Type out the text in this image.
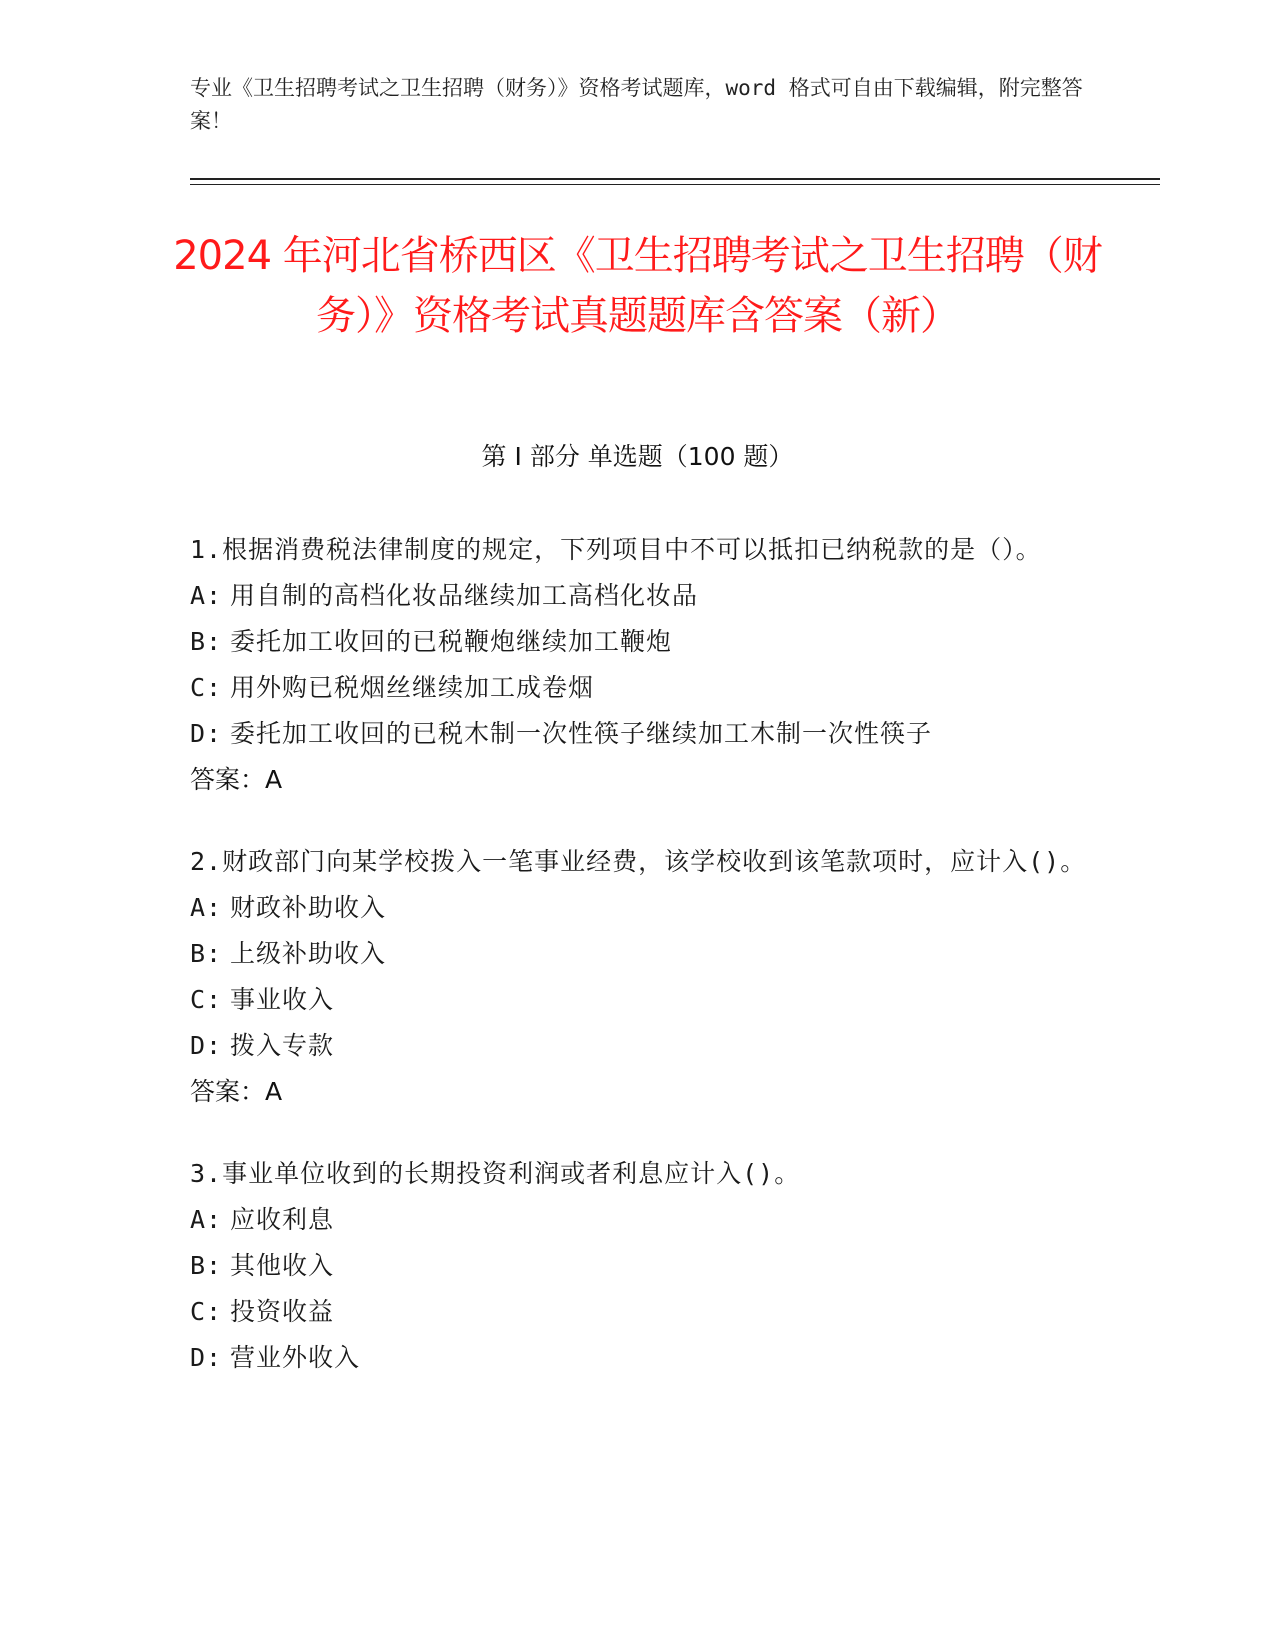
专业《卫生招聘考试之卫生招聘（财务）》资格考试题库，word 格式可自由下载编辑，附完整答案！
2024 年河北省桥西区《卫生招聘考试之卫生招聘（财务）》资格考试真题题库含答案（新）
第 I 部分 单选题（100 题）
1.根据消费税法律制度的规定，下列项目中不可以抵扣已纳税款的是（）。
A: 用自制的高档化妆品继续加工高档化妆品
B: 委托加工收回的已税鞭炮继续加工鞭炮
C: 用外购已税烟丝继续加工成卷烟
D: 委托加工收回的已税木制一次性筷子继续加工木制一次性筷子
答案：A
2.财政部门向某学校拨入一笔事业经费，该学校收到该笔款项时，应计入()。
A: 财政补助收入
B: 上级补助收入
C: 事业收入
D: 拨入专款
答案：A
3.事业单位收到的长期投资利润或者利息应计入()。
A: 应收利息
B: 其他收入
C: 投资收益
D: 营业外收入
